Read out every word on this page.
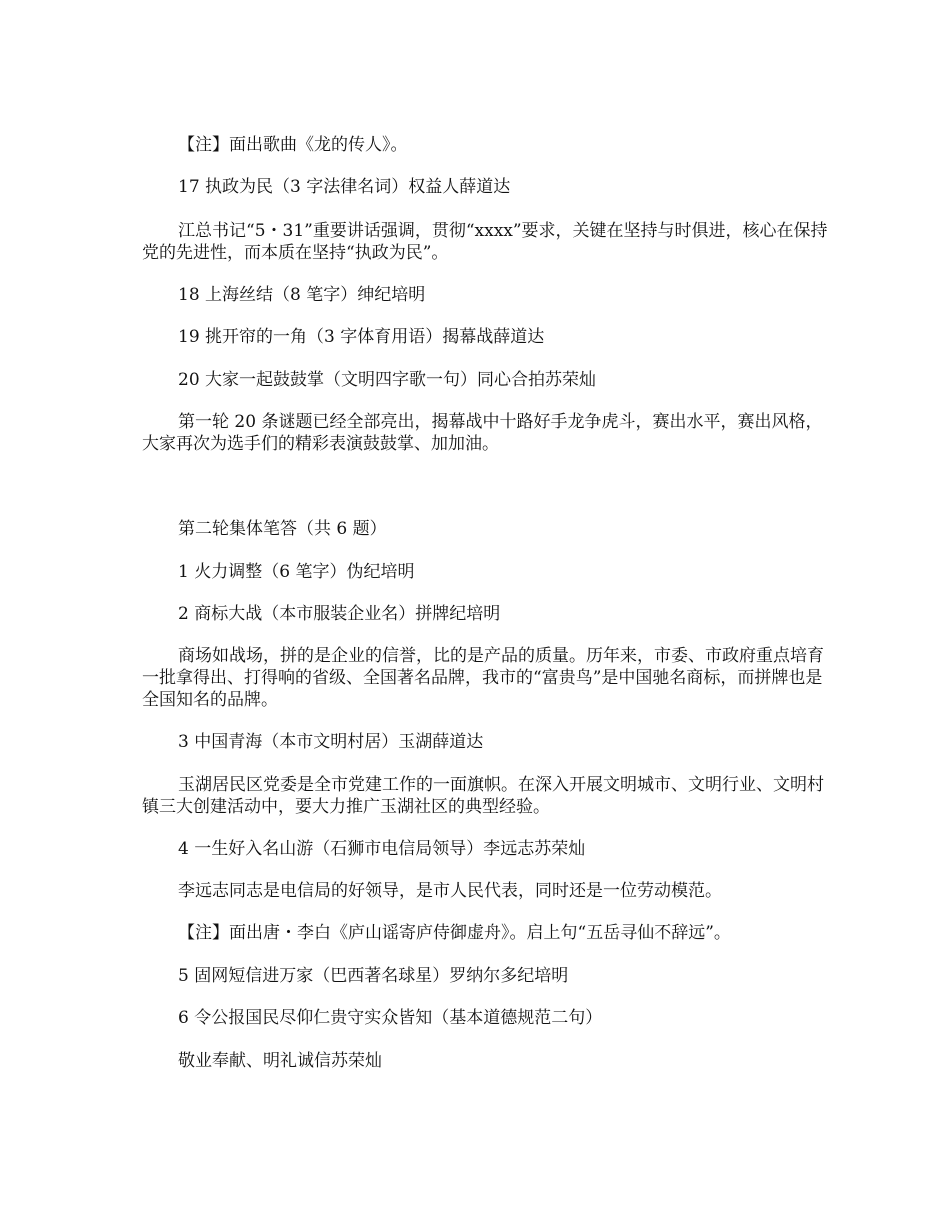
【注】面出歌曲《龙的传人》。

17 执政为民（3 字法律名词）权益人薛道达

江总书记“5・31”重要讲话强调，贯彻“xxxx”要求，关键在坚持与时俱进，核心在保持党的先进性，而本质在坚持“执政为民”。

18 上海丝结（8 笔字）绅纪培明

19 挑开帘的一角（3 字体育用语）揭幕战薛道达

20 大家一起鼓鼓掌（文明四字歌一句）同心合拍苏荣灿

第一轮 20 条谜题已经全部亮出，揭幕战中十路好手龙争虎斗，赛出水平，赛出风格，大家再次为选手们的精彩表演鼓鼓掌、加加油。

第二轮集体笔答（共 6 题）

1 火力调整（6 笔字）伪纪培明

2 商标大战（本市服装企业名）拼牌纪培明

商场如战场，拼的是企业的信誉，比的是产品的质量。历年来，市委、市政府重点培育一批拿得出、打得响的省级、全国著名品牌，我市的“富贵鸟”是中国驰名商标，而拼牌也是全国知名的品牌。

3 中国青海（本市文明村居）玉湖薛道达

玉湖居民区党委是全市党建工作的一面旗帜。在深入开展文明城市、文明行业、文明村镇三大创建活动中，要大力推广玉湖社区的典型经验。

4 一生好入名山游（石狮市电信局领导）李远志苏荣灿

李远志同志是电信局的好领导，是市人民代表，同时还是一位劳动模范。

【注】面出唐・李白《庐山谣寄庐侍御虚舟》。启上句“五岳寻仙不辞远”。

5 固网短信进万家（巴西著名球星）罗纳尔多纪培明

6 令公报国民尽仰仁贵守实众皆知（基本道德规范二句）

敬业奉献、明礼诚信苏荣灿
